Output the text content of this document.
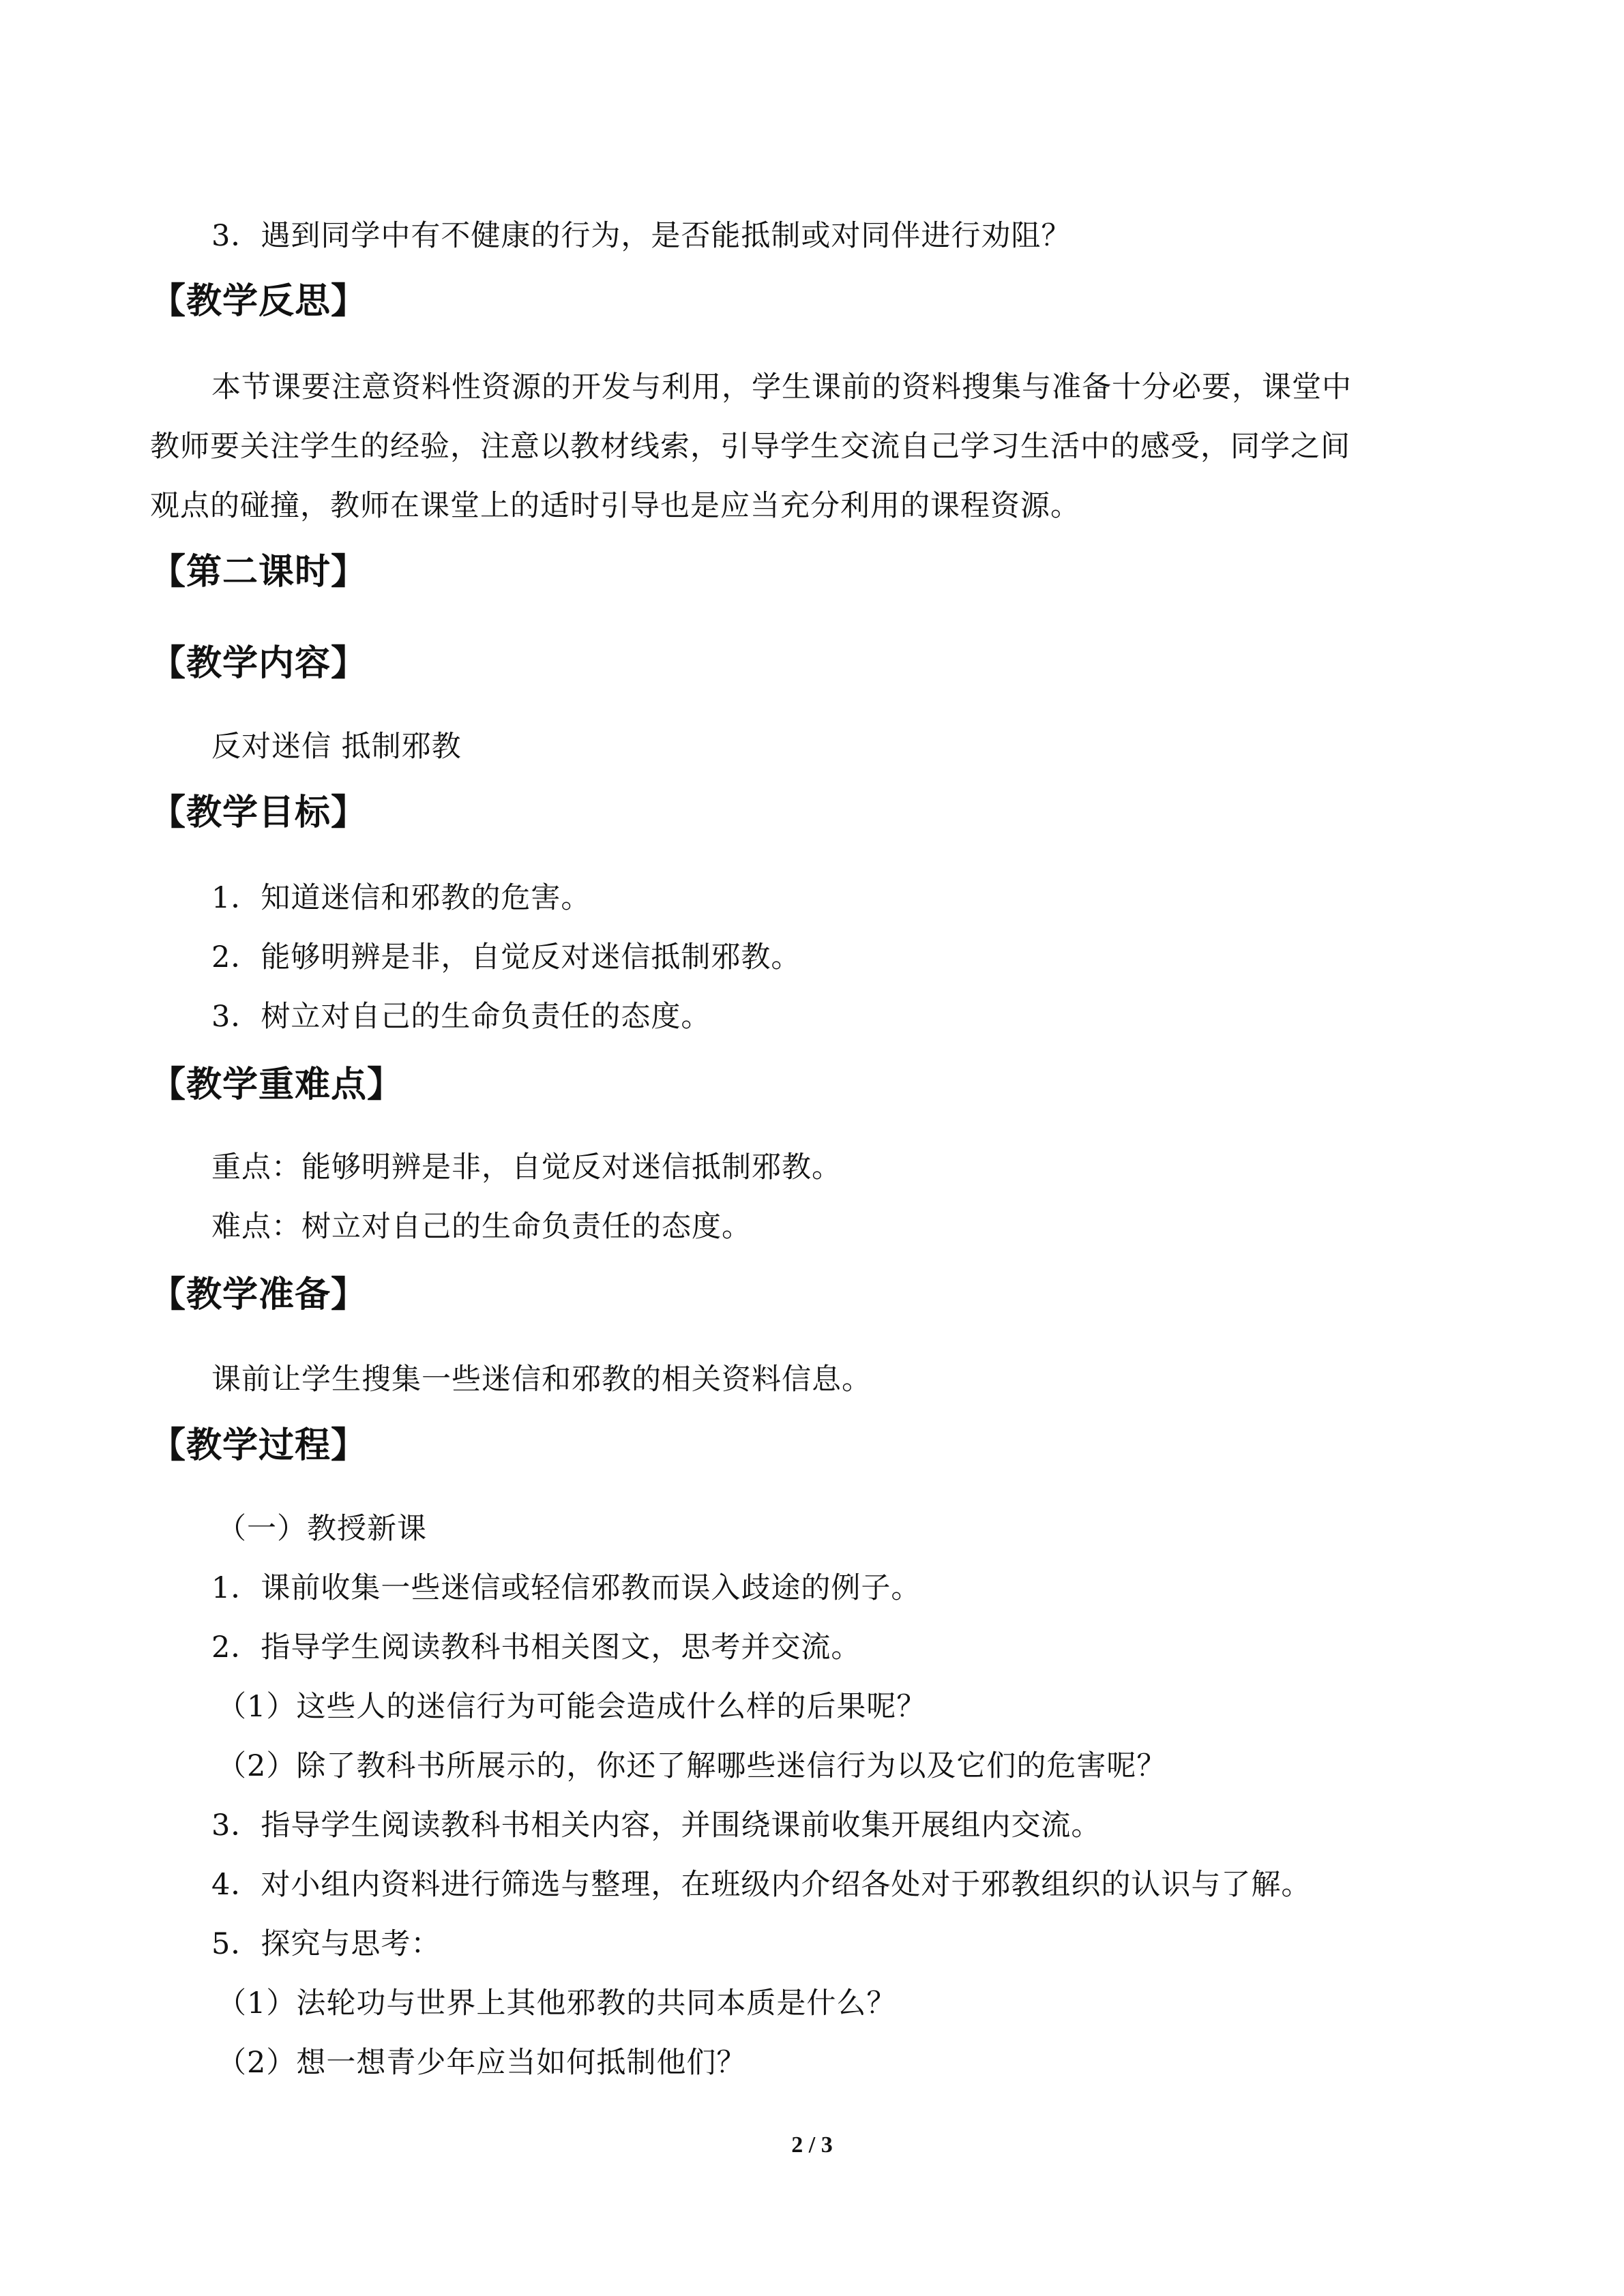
3．遇到同学中有不健康的行为，是否能抵制或对同伴进行劝阻？
【教学反思】
本节课要注意资料性资源的开发与利用，学生课前的资料搜集与准备十分必要，课堂中
教师要关注学生的经验，注意以教材线索，引导学生交流自己学习生活中的感受，同学之间
观点的碰撞，教师在课堂上的适时引导也是应当充分利用的课程资源。
【第二课时】
【教学内容】
反对迷信 抵制邪教
【教学目标】
1．知道迷信和邪教的危害。
2．能够明辨是非，自觉反对迷信抵制邪教。
3．树立对自己的生命负责任的态度。
【教学重难点】
重点：能够明辨是非，自觉反对迷信抵制邪教。
难点：树立对自己的生命负责任的态度。
【教学准备】
课前让学生搜集一些迷信和邪教的相关资料信息。
【教学过程】
（一）教授新课
1．课前收集一些迷信或轻信邪教而误入歧途的例子。
2．指导学生阅读教科书相关图文，思考并交流。
（1）这些人的迷信行为可能会造成什么样的后果呢？
（2）除了教科书所展示的，你还了解哪些迷信行为以及它们的危害呢？
3．指导学生阅读教科书相关内容，并围绕课前收集开展组内交流。
4．对小组内资料进行筛选与整理，在班级内介绍各处对于邪教组织的认识与了解。
5．探究与思考：
（1）法轮功与世界上其他邪教的共同本质是什么？
（2）想一想青少年应当如何抵制他们？
2 / 3
